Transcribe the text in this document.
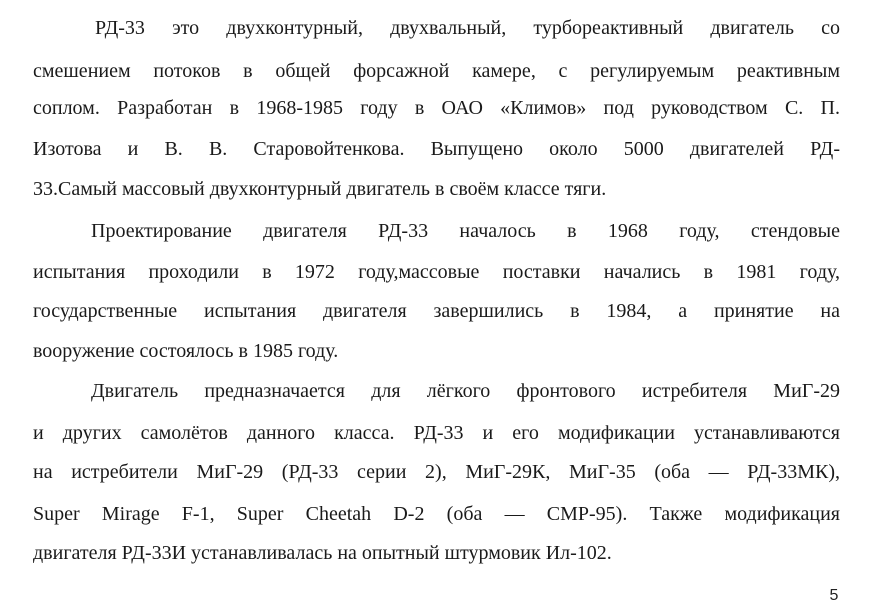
РД-33 это двухконтурный, двухвальный, турбореактивный двигатель со
смешением потоков в общей форсажной камере, с регулируемым реактивным
соплом. Разработан в 1968-1985 году в ОАО «Климов» под руководством С. П.
Изотова и В. В. Старовойтенкова. Выпущено около 5000 двигателей РД-
33.Самый массовый двухконтурный двигатель в своём классе тяги.
Проектирование двигателя РД-33 началось в 1968 году, стендовые
испытания проходили в 1972 году,массовые поставки начались в 1981 году,
государственные испытания двигателя завершились в 1984, а принятие на
вооружение состоялось в 1985 году.
Двигатель предназначается для лёгкого фронтового истребителя МиГ-29
и других самолётов данного класса. РД-33 и его модификации устанавливаются
на истребители МиГ-29 (РД-33 серии 2), МиГ-29К, МиГ-35 (оба — РД-33МК),
Super Mirage F-1, Super Cheetah D-2 (оба — СМР-95). Также модификация
двигателя РД-33И устанавливалась на опытный штурмовик Ил-102.
5
